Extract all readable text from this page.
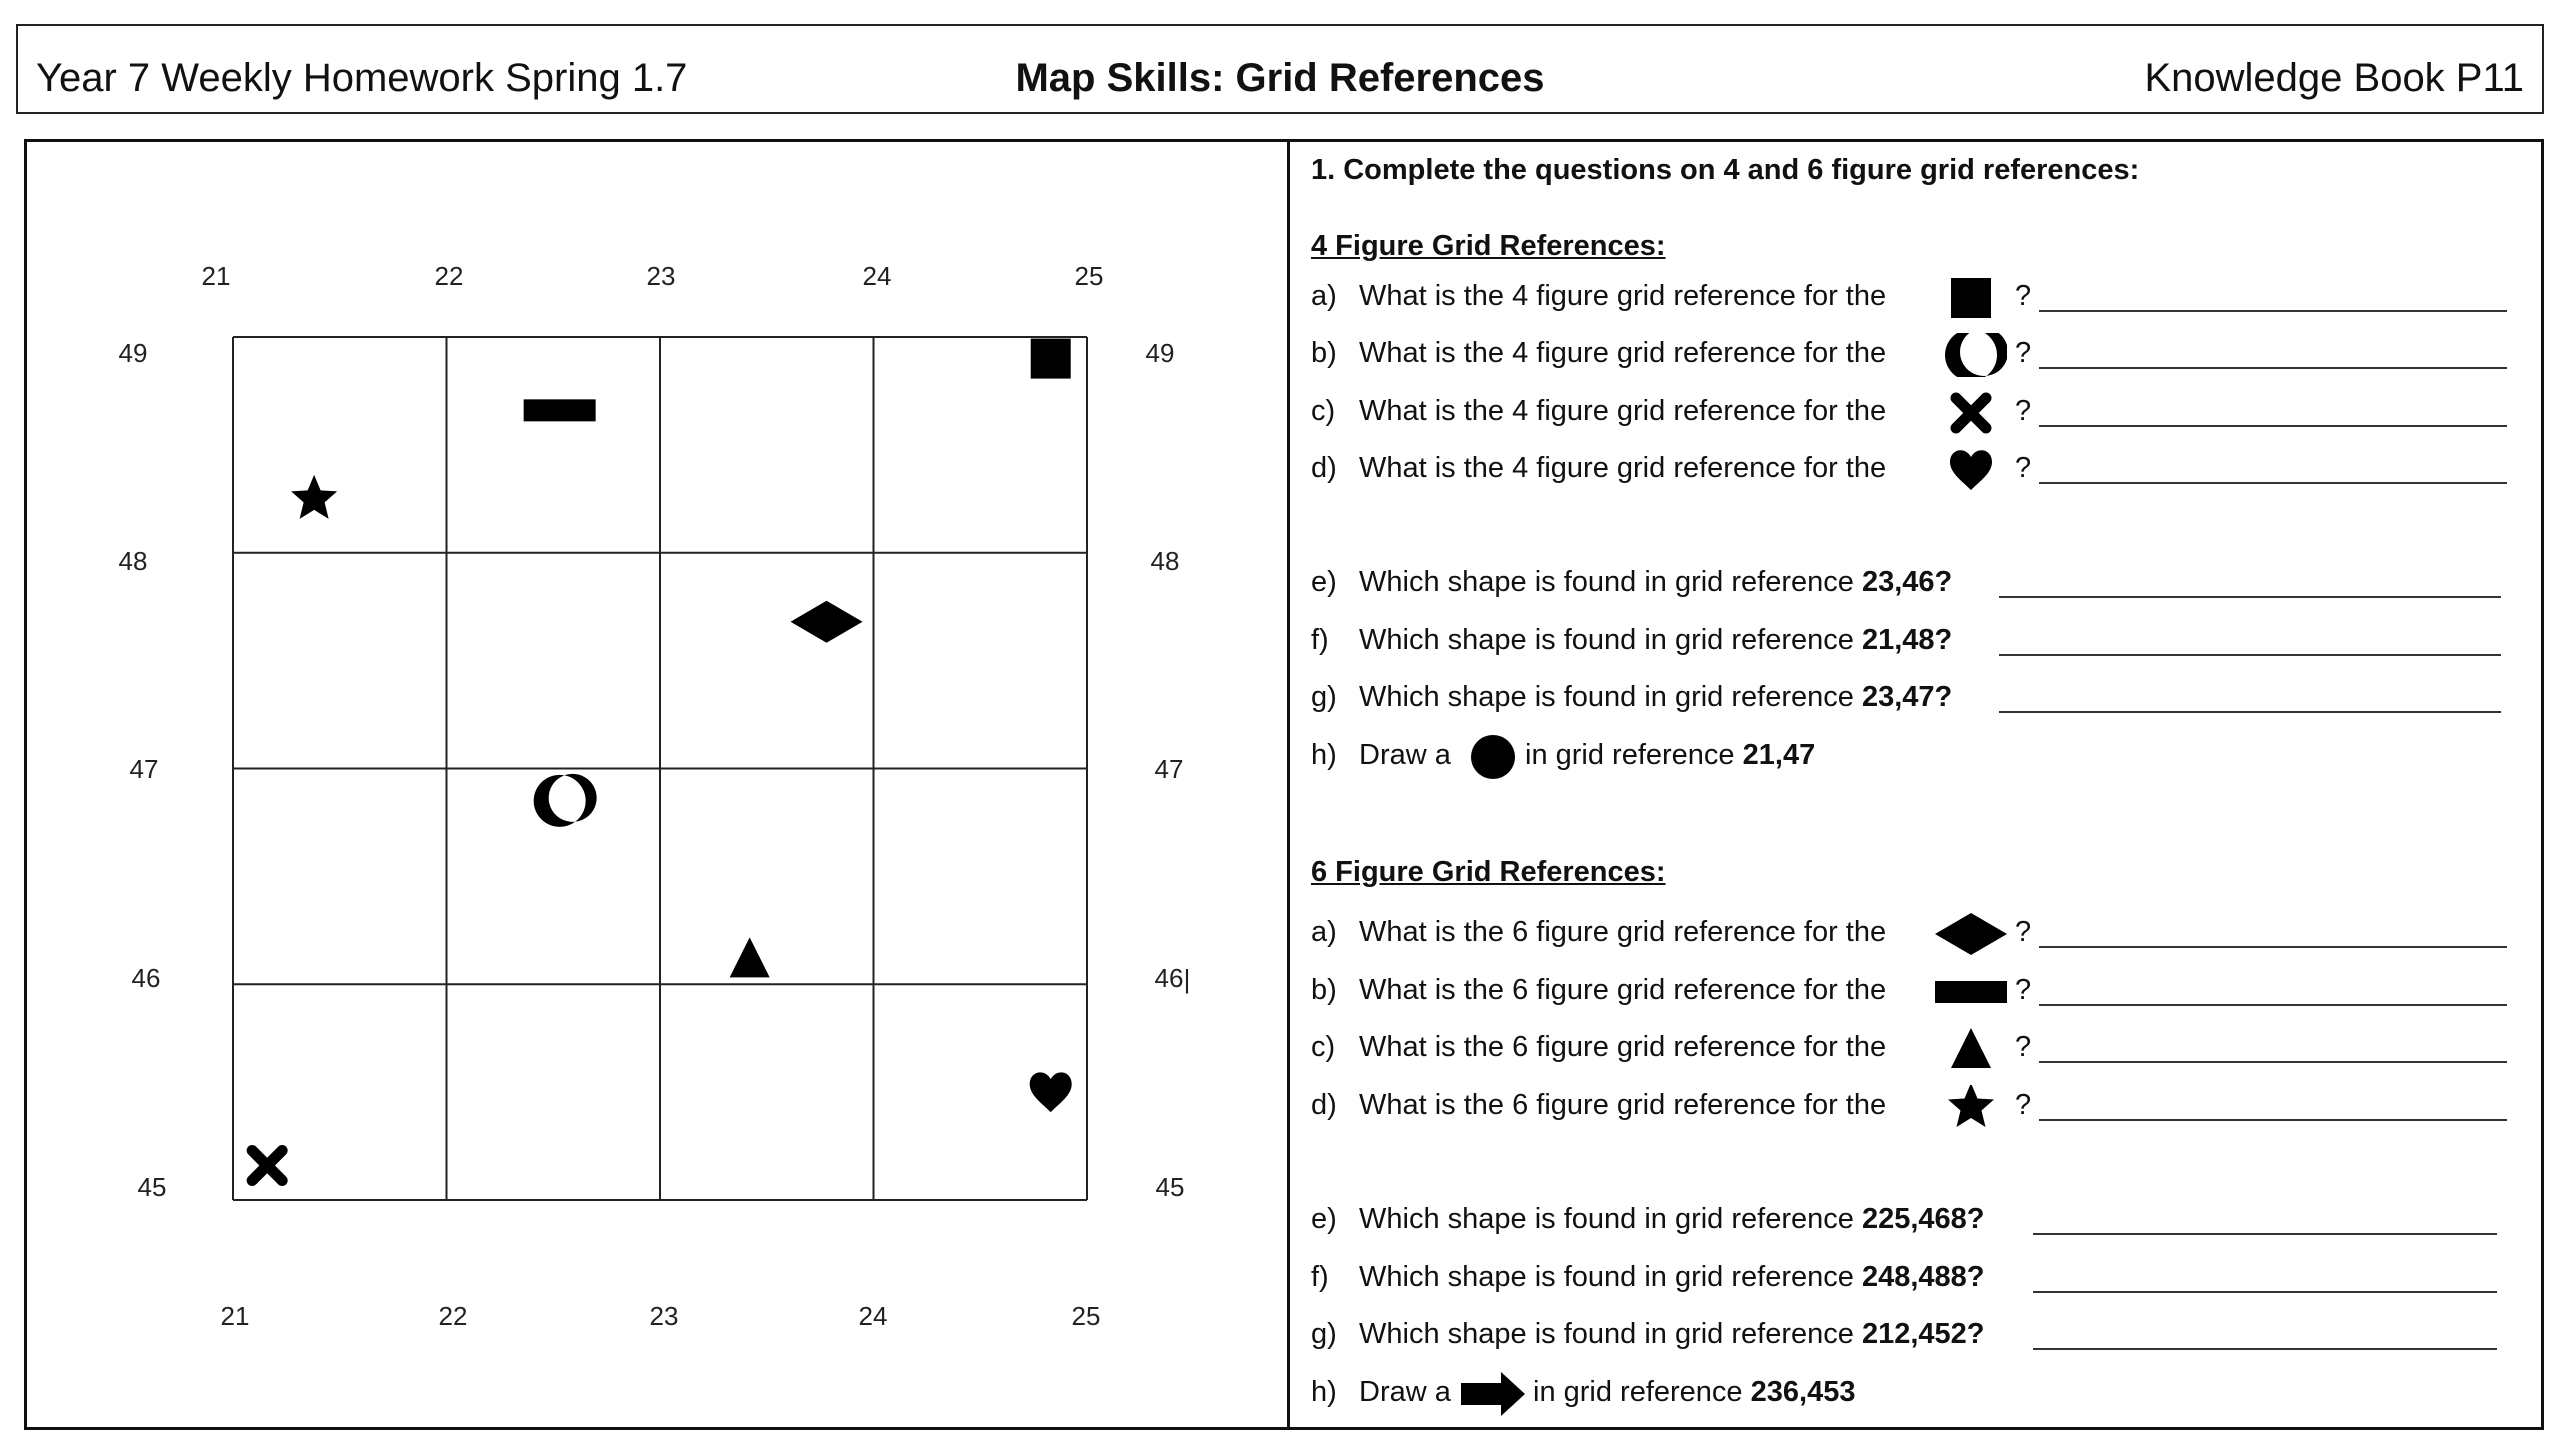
Year 7 Weekly Homework Spring 1.7	Map Skills: Grid References	Knowledge Book P11
21
21
22
22
23
23
24
24
25
25
49	49
48	48
47	47
46	46
45	45
|
1. Complete the questions on 4 and 6 figure grid references:
4 Figure Grid References:
a) What is the 4 figure grid reference for the	?
b) What is the 4 figure grid reference for the	?
c) What is the 4 figure grid reference for the	?
d) What is the 4 figure grid reference for the	?
e) Which shape is found in grid reference 23,46?
f) Which shape is found in grid reference 21,48?
g) Which shape is found in grid reference 23,47?
h) Draw a	in grid reference 21,47
6 Figure Grid References:
a) What is the 6 figure grid reference for the	?
b) What is the 6 figure grid reference for the	?
c) What is the 6 figure grid reference for the	?
d) What is the 6 figure grid reference for the	?
e) Which shape is found in grid reference 225,468?
f) Which shape is found in grid reference 248,488?
g) Which shape is found in grid reference 212,452?
h) Draw a	in grid reference 236,453
